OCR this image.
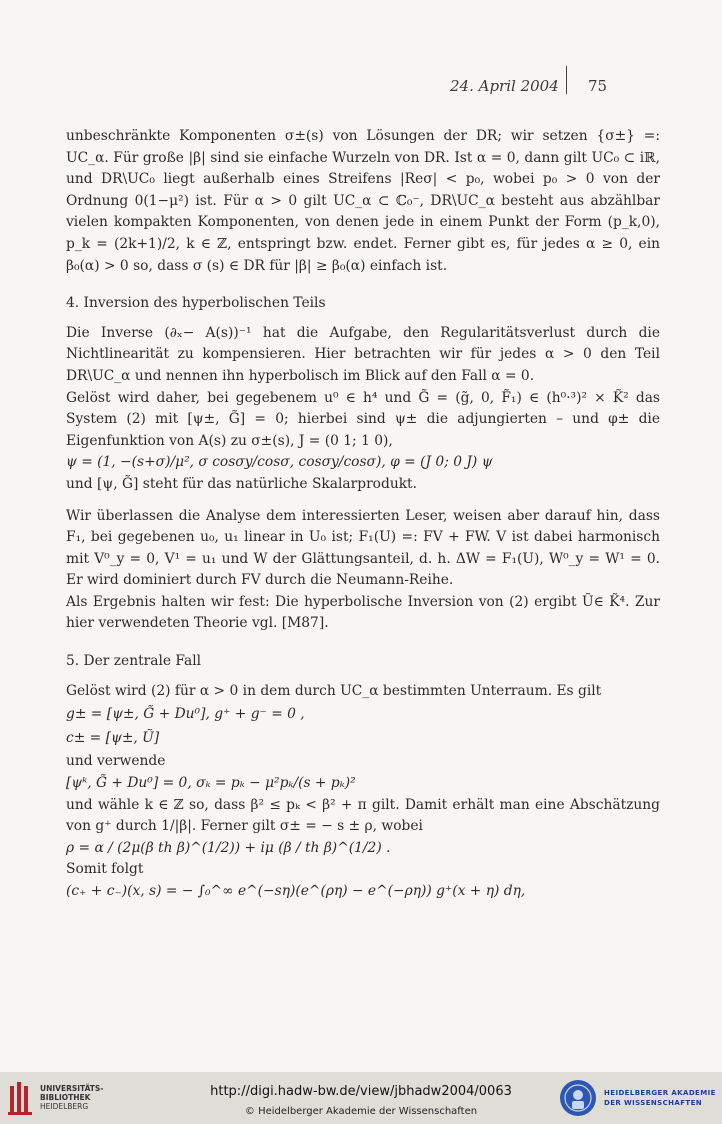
24. April 2004 75

unbeschränkte Komponenten σ±(s) von Lösungen der DR; wir setzen {σ±} =: UC_α. Für große |β| sind sie einfache Wurzeln von DR. Ist α = 0, dann gilt UC₀ ⊂ iℝ, und DR\UC₀ liegt außerhalb eines Streifens |Reσ| < p₀, wobei p₀ > 0 von der Ordnung 0(1−μ²) ist. Für α > 0 gilt UC_α ⊂ ℂ₀⁻, DR\UC_α besteht aus abzählbar vielen kompakten Komponenten, von denen jede in einem Punkt der Form (p_k,0), p_k = (2k+1)/2, k ∈ ℤ, entspringt bzw. endet. Ferner gibt es, für jedes α ≥ 0, ein β₀(α) > 0 so, dass σ (s) ∈ DR für |β| ≥ β₀(α) einfach ist.

4. Inversion des hyperbolischen Teils

Die Inverse (∂ₓ− A(s))⁻¹ hat die Aufgabe, den Regularitätsverlust durch die Nichtlinearität zu kompensieren. Hier betrachten wir für jedes α > 0 den Teil DR\UC_α und nennen ihn hyperbolisch im Blick auf den Fall α = 0.

Gelöst wird daher, bei gegebenem u⁰ ∈ h⁴ und G̃ = (g̃, 0, F̃₁) ∈ (h⁰·³)² × K̃² das System (2) mit [ψ±, G̃] = 0; hierbei sind ψ± die adjungierten – und φ± die Eigenfunktion von A(s) zu σ±(s), J = (0 1; 1 0),

ψ = (1, −(s+σ)/μ², σ cosσy/cosσ, cosσy/cosσ), φ = (J 0; 0 J) ψ

und [ψ, G̃] steht für das natürliche Skalarprodukt.

Wir überlassen die Analyse dem interessierten Leser, weisen aber darauf hin, dass F₁, bei gegebenen u₀, u₁ linear in U₀ ist; F₁(U) =: FV + FW. V ist dabei harmonisch mit V⁰_y = 0, V¹ = u₁ und W der Glättungsanteil, d. h. ΔW = F₁(U), W⁰_y = W¹ = 0. Er wird dominiert durch FV durch die Neumann-Reihe.

Als Ergebnis halten wir fest: Die hyperbolische Inversion von (2) ergibt Ũ∈ K̃⁴. Zur hier verwendeten Theorie vgl. [M87].

5. Der zentrale Fall

Gelöst wird (2) für α > 0 in dem durch UC_α bestimmten Unterraum. Es gilt

g± = [ψ±, G̃ + Du⁰], g⁺ + g⁻ = 0 ,

c± = [ψ±, Ũ]

und verwende

[ψᵏ, G̃ + Du⁰] = 0, σₖ = pₖ − μ²pₖ/(s + pₖ)²

und wähle k ∈ ℤ so, dass β² ≤ pₖ < β² + π gilt. Damit erhält man eine Abschätzung von g⁺ durch 1/|β|. Ferner gilt σ± = − s ± ρ, wobei

ρ = α / (2μ(β th β)^(1/2)) + iμ (β / th β)^(1/2) .

Somit folgt

(c₊ + c₋)(x, s) = − ∫₀^∞ e^(−sη)(e^(ρη) − e^(−ρη)) g⁺(x + η) dη,

UNIVERSITÄTS-
BIBLIOTHEK
HEIDELBERG
http://digi.hadw-bw.de/view/jbhadw2004/0063
© Heidelberger Akademie der Wissenschaften
HEIDELBERGER AKADEMIE
DER WISSENSCHAFTEN
